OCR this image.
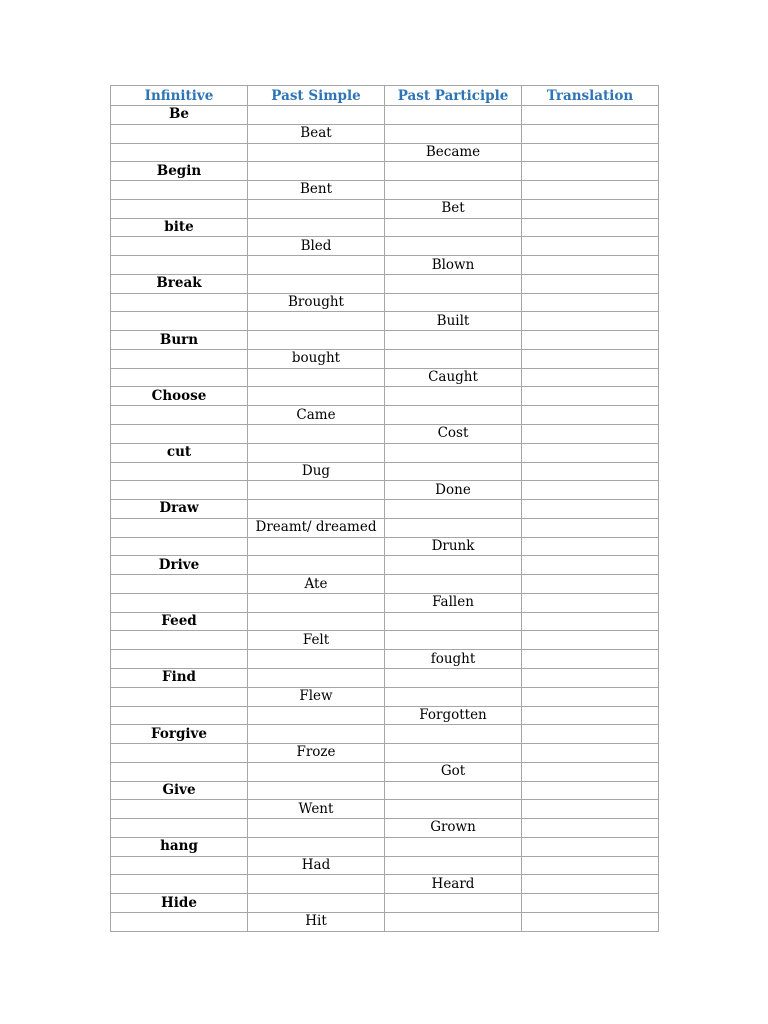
Infinitive	Past Simple	Past Participle	Translation
Be			
	Beat		
		Became	
Begin			
	Bent		
		Bet	
bite			
	Bled		
		Blown	
Break			
	Brought		
		Built	
Burn			
	bought		
		Caught	
Choose			
	Came		
		Cost	
cut			
	Dug		
		Done	
Draw			
	Dreamt/ dreamed		
		Drunk	
Drive			
	Ate		
		Fallen	
Feed			
	Felt		
		fought	
Find			
	Flew		
		Forgotten	
Forgive			
	Froze		
		Got	
Give			
	Went		
		Grown	
hang			
	Had		
		Heard	
Hide			
	Hit		
